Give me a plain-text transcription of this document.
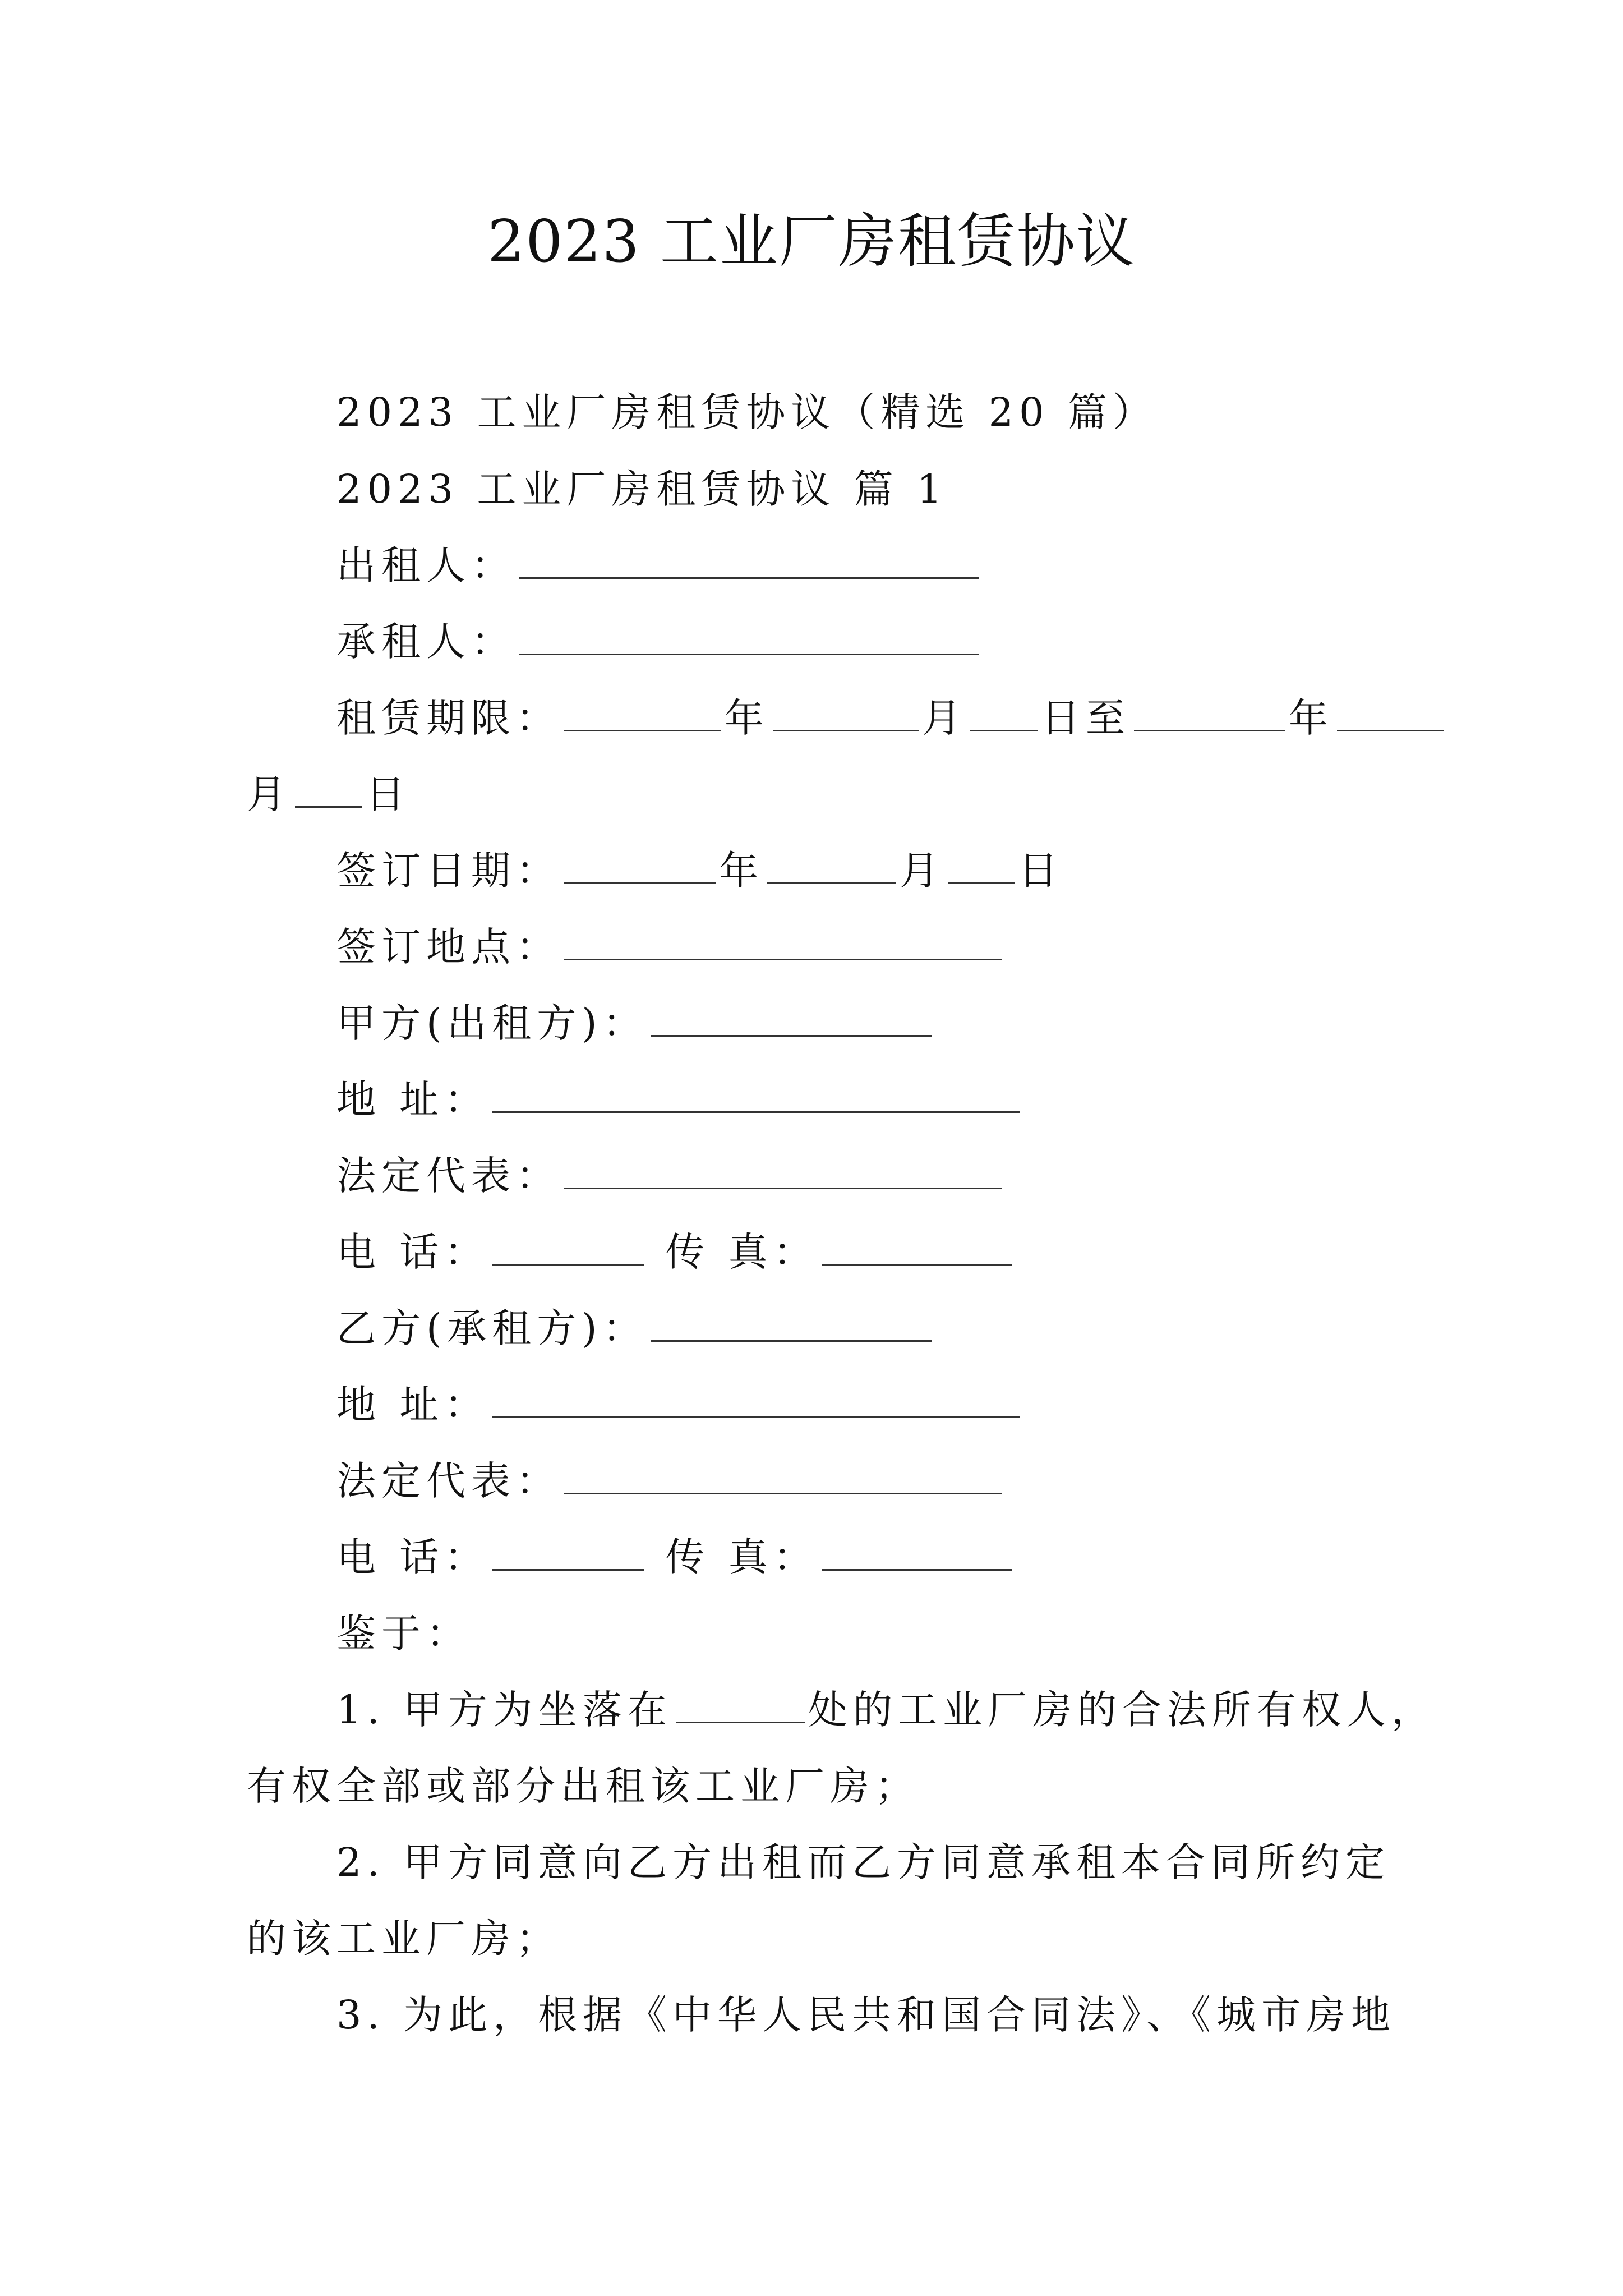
2023 工业厂房租赁协议
2023 工业厂房租赁协议（精选 20 篇）
2023 工业厂房租赁协议 篇 1
出租人：
承租人：
租赁期限：	年	月 日至	年
月 日
签订日期：	年	月 日
签订地点：
甲方(出租方)：
地 址：
法定代表：
电 话：	传 真：
乙方(承租方)：
地 址：
法定代表：
电 话：	传 真：
鉴于：
1. 甲方为坐落在	处的工业厂房的合法所有权人，
有权全部或部分出租该工业厂房；
2. 甲方同意向乙方出租而乙方同意承租本合同所约定
的该工业厂房；
3. 为此，根据《中华人民共和国合同法》、《城市房地
